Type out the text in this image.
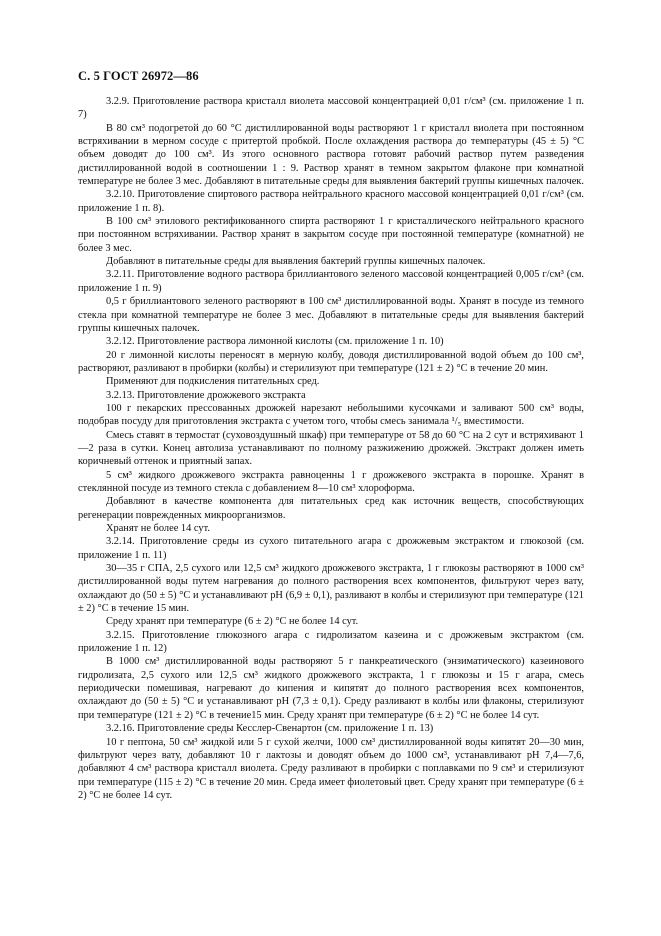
С. 5 ГОСТ 26972—86

3.2.9. Приготовление раствора кристалл виолета массовой концентрацией 0,01 г/см³ (см. приложение 1 п. 7)

В 80 см³ подогретой до 60 °С дистиллированной воды растворяют 1 г кристалл виолета при постоянном встряхивании в мерном сосуде с притертой пробкой. После охлаждения раствора до температуры (45 ± 5) °С объем доводят до 100 см³. Из этого основного раствора готовят рабочий раствор путем разведения дистиллированной водой в соотношении 1 : 9. Раствор хранят в темном закрытом флаконе при комнатной температуре не более 3 мес. Добавляют в питательные среды для выявления бактерий группы кишечных палочек.

3.2.10. Приготовление спиртового раствора нейтрального красного массовой концентрацией 0,01 г/см³ (см. приложение 1 п. 8).

В 100 см³ этилового ректификованного спирта растворяют 1 г кристаллического нейтрального красного при постоянном встряхивании. Раствор хранят в закрытом сосуде при постоянной температуре (комнатной) не более 3 мес.

Добавляют в питательные среды для выявления бактерий группы кишечных палочек.

3.2.11. Приготовление водного раствора бриллиантового зеленого массовой концентрацией 0,005 г/см³ (см. приложение 1 п. 9)

0,5 г бриллиантового зеленого растворяют в 100 см³ дистиллированной воды. Хранят в посуде из темного стекла при комнатной температуре не более 3 мес. Добавляют в питательные среды для выявления бактерий группы кишечных палочек.

3.2.12. Приготовление раствора лимонной кислоты (см. приложение 1 п. 10)

20 г лимонной кислоты переносят в мерную колбу, доводя дистиллированной водой объем до 100 см³, растворяют, разливают в пробирки (колбы) и стерилизуют при температуре (121 ± 2) °С в течение 20 мин.

Применяют для подкисления питательных сред.

3.2.13. Приготовление дрожжевого экстракта

100 г пекарских прессованных дрожжей нарезают небольшими кусочками и заливают 500 см³ воды, подобрав посуду для приготовления экстракта с учетом того, чтобы смесь занимала ¹/₅ вместимости.

Смесь ставят в термостат (суховоздушный шкаф) при температуре от 58 до 60 °С на 2 сут и встряхивают 1—2 раза в сутки. Конец автолиза устанавливают по полному разжижению дрожжей. Экстракт должен иметь коричневый оттенок и приятный запах.

5 см³ жидкого дрожжевого экстракта равноценны 1 г дрожжевого экстракта в порошке. Хранят в стеклянной посуде из темного стекла с добавлением 8—10 см³ хлороформа.

Добавляют в качестве компонента для питательных сред как источник веществ, способствующих регенерации поврежденных микроорганизмов.

Хранят не более 14 сут.

3.2.14. Приготовление среды из сухого питательного агара с дрожжевым экстрактом и глюкозой (см. приложение 1 п. 11)

30—35 г СПА, 2,5 сухого или 12,5 см³ жидкого дрожжевого экстракта, 1 г глюкозы растворяют в 1000 см³ дистиллированной воды путем нагревания до полного растворения всех компонентов, фильтруют через вату, охлаждают до (50 ± 5) °С и устанавливают рН (6,9 ± 0,1), разливают в колбы и стерилизуют при температуре (121 ± 2) °С в течение 15 мин.

Среду хранят при температуре (6 ± 2) °С не более 14 сут.

3.2.15. Приготовление глюкозного агара с гидролизатом казеина и с дрожжевым экстрактом (см. приложение 1 п. 12)

В 1000 см³ дистиллированной воды растворяют 5 г панкреатического (энзиматического) казеинового гидролизата, 2,5 сухого или 12,5 см³ жидкого дрожжевого экстракта, 1 г глюкозы и 15 г агара, смесь периодически помешивая, нагревают до кипения и кипятят до полного растворения всех компонентов, охлаждают до (50 ± 5) °С и устанавливают рН (7,3 ± 0,1). Среду разливают в колбы или флаконы, стерилизуют при температуре (121 ± 2) °С в течение15 мин. Среду хранят при температуре (6 ± 2) °С не более 14 сут.

3.2.16. Приготовление среды Кесслер-Свенартон (см. приложение 1 п. 13)

10 г пептона, 50 см³ жидкой или 5 г сухой желчи, 1000 см³ дистиллированной воды кипятят 20—30 мин, фильтруют через вату, добавляют 10 г лактозы и доводят объем до 1000 см³, устанавливают рН 7,4—7,6, добавляют 4 см³ раствора кристалл виолета. Среду разливают в пробирки с поплавками по 9 см³ и стерилизуют при температуре (115 ± 2) °С в течение 20 мин. Среда имеет фиолетовый цвет. Среду хранят при температуре (6 ± 2) °С не более 14 сут.
